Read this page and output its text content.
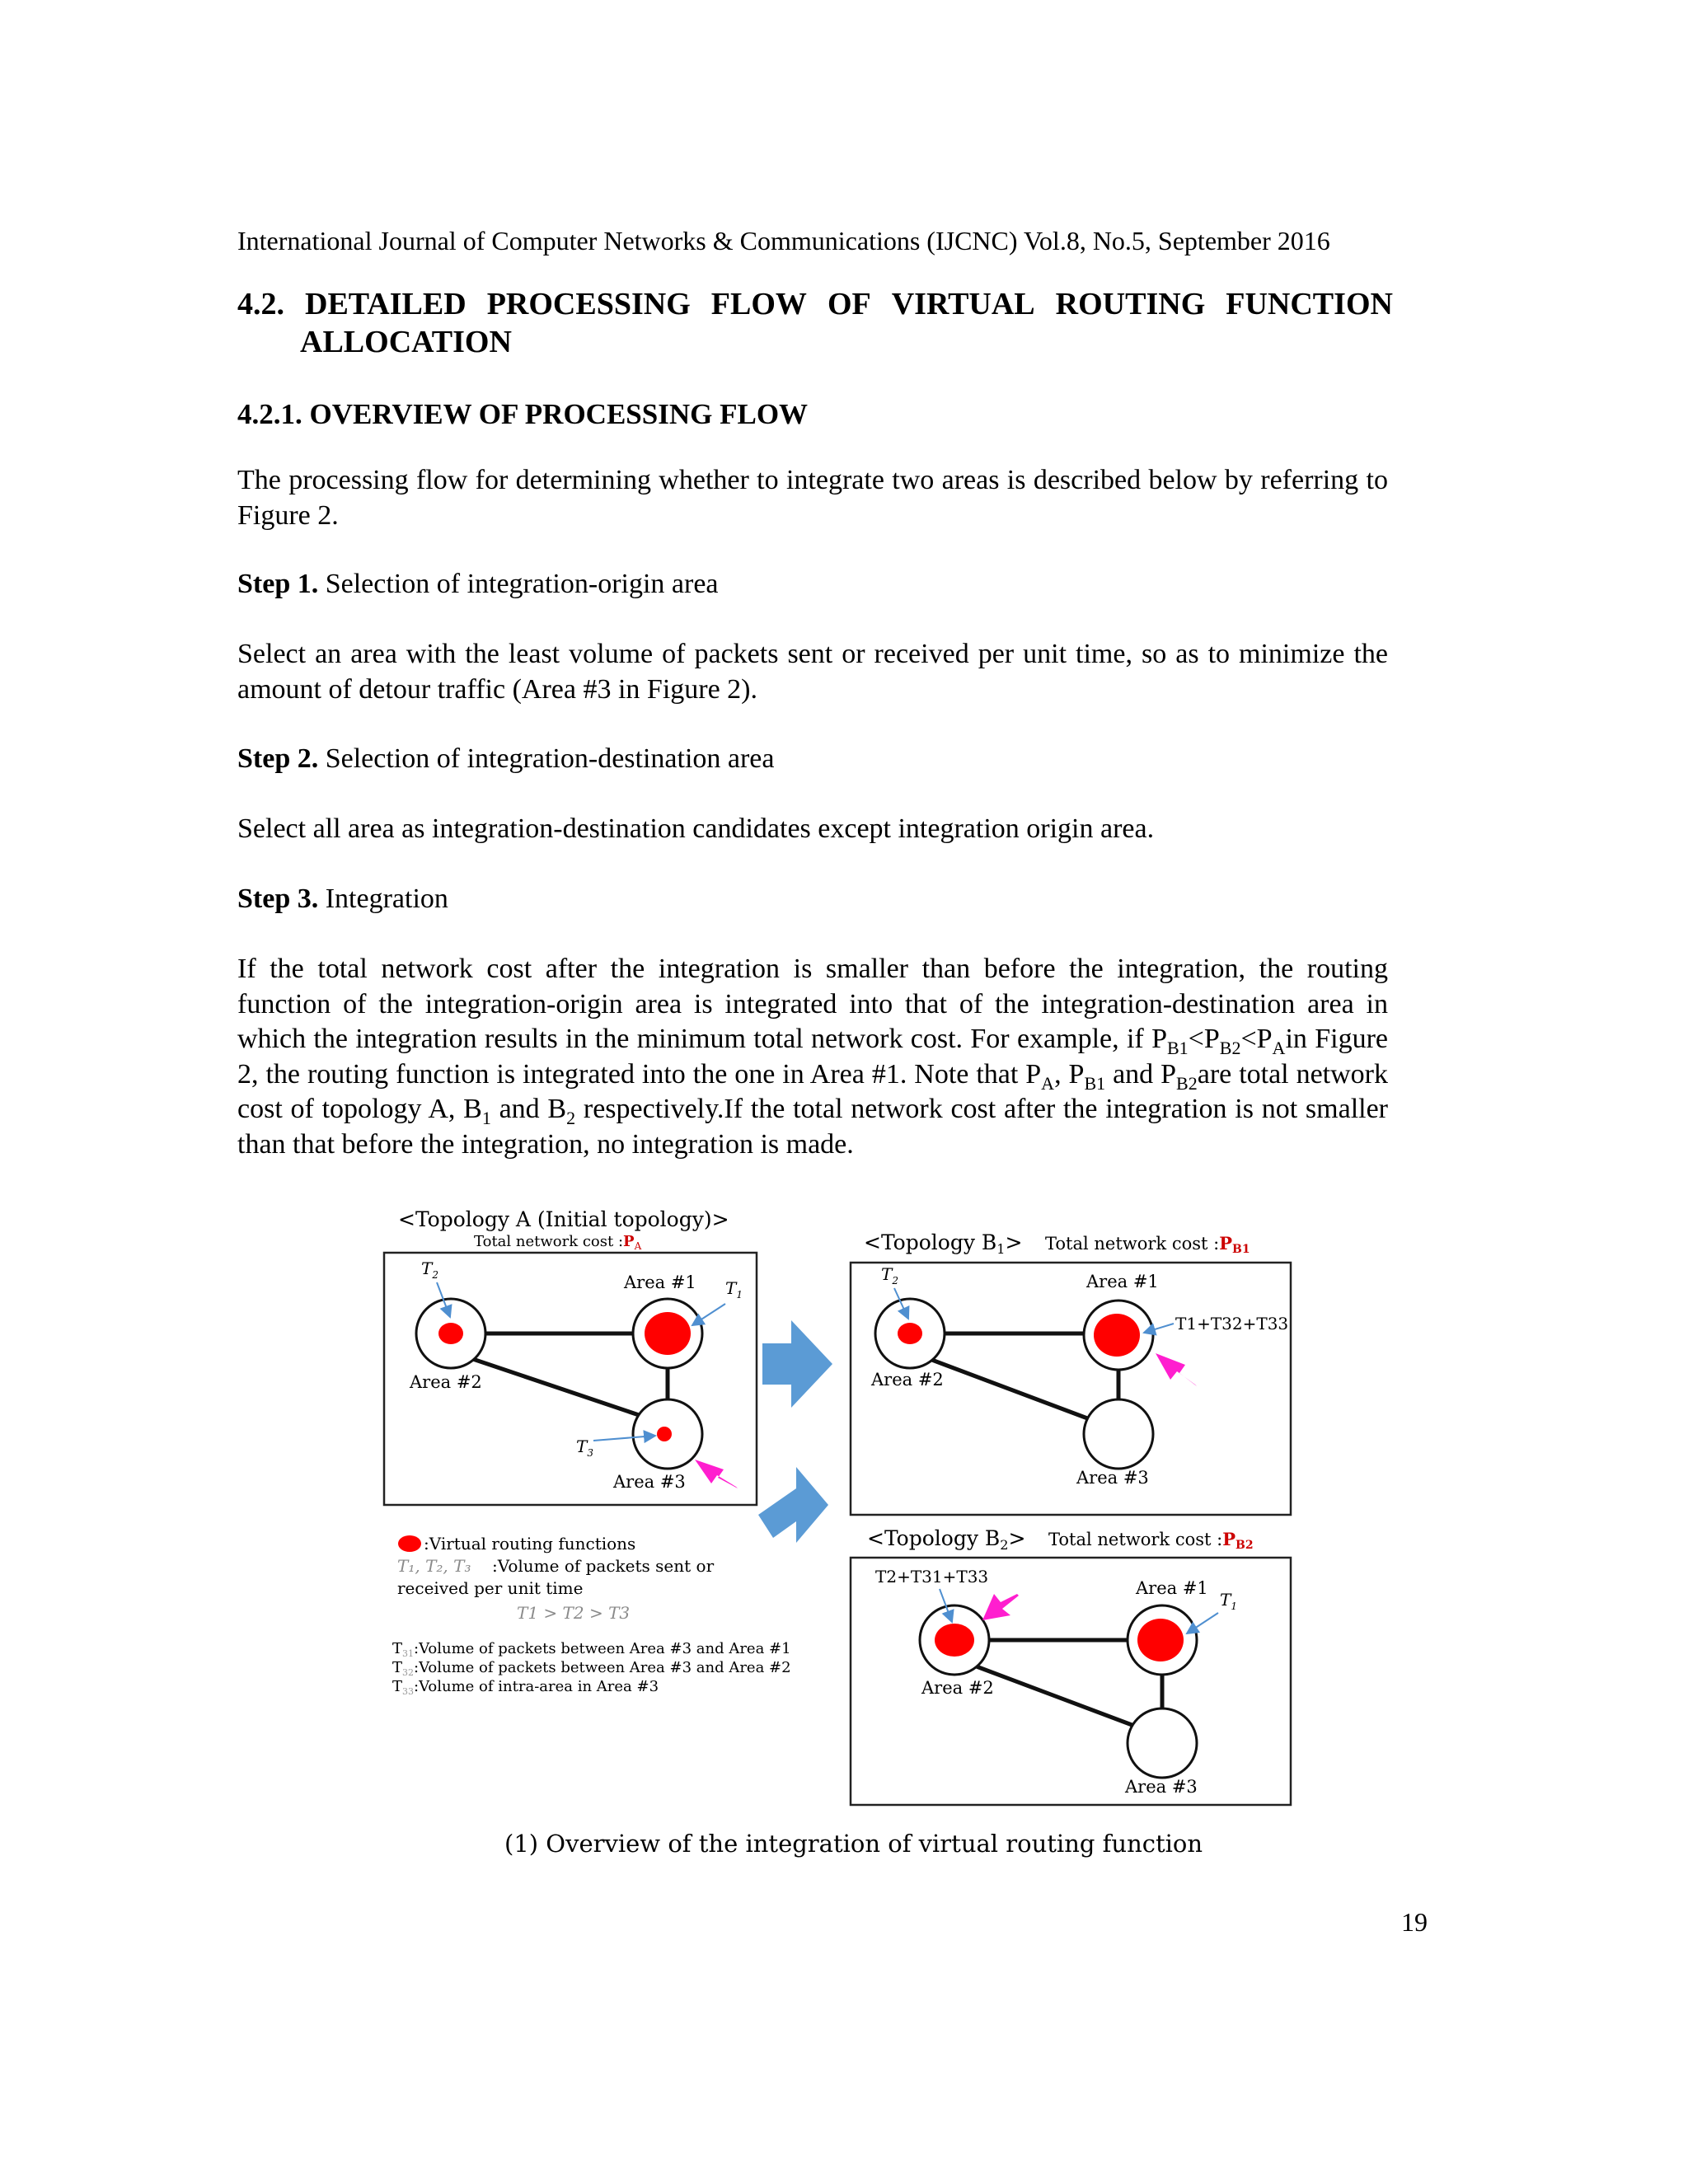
International Journal of Computer Networks & Communications (IJCNC) Vol.8, No.5, September 2016
4.2. DETAILED PROCESSING FLOW OF VIRTUAL ROUTING FUNCTION
ALLOCATION
4.2.1. OVERVIEW OF PROCESSING FLOW
The processing flow for determining whether to integrate two areas is described below by referring to Figure 2.
Step 1. Selection of integration-origin area
Select an area with the least volume of packets sent or received per unit time, so as to minimize the amount of detour traffic (Area #3 in Figure 2).
Step 2. Selection of integration-destination area
Select all area as integration-destination candidates except integration origin area.
Step 3. Integration
If the total network cost after the integration is smaller than before the integration, the routing function of the integration-origin area is integrated into that of the integration-destination area in which the integration results in the minimum total network cost. For example, if $P_{B1}<P_{B2}<P_Ain$ Figure 2, the routing function is integrated into the one in Area #1. Note that $P_A$, $P_{B1}$ and $P_{B2}are$ total network cost of topology A, $B_1$ and $B_2$ respectively.If the total network cost after the integration is not smaller than that before the integration, no integration is made.
<Topology A (Initial topology)>
Total network cost $:P_A$
Area #1
Area #2
Area #3
$T_1$
$T_2$
$T_3$
<Topology $B_1>$ Total network cost :PB1
Area #1
Area #2
Area #3
$T_2$
T1+T32+T33
<Topology $B_2>$ Total network cost :PB2
Area #1
Area #2
Area #3
$T_1$
T2+T31+T33
:Virtual routing functions
:Volume of packets sent or
T₁, T₂, T₃
received per unit time
T1 > T2 > T3
$T_{31}:Volume$ of packets between Area #3 and Area #1
$T_{32}:Volume$ of packets between Area #3 and Area #2
$T_{33}:Volume$ of intra-area in Area #3
(1) Overview of the integration of virtual routing function
19
